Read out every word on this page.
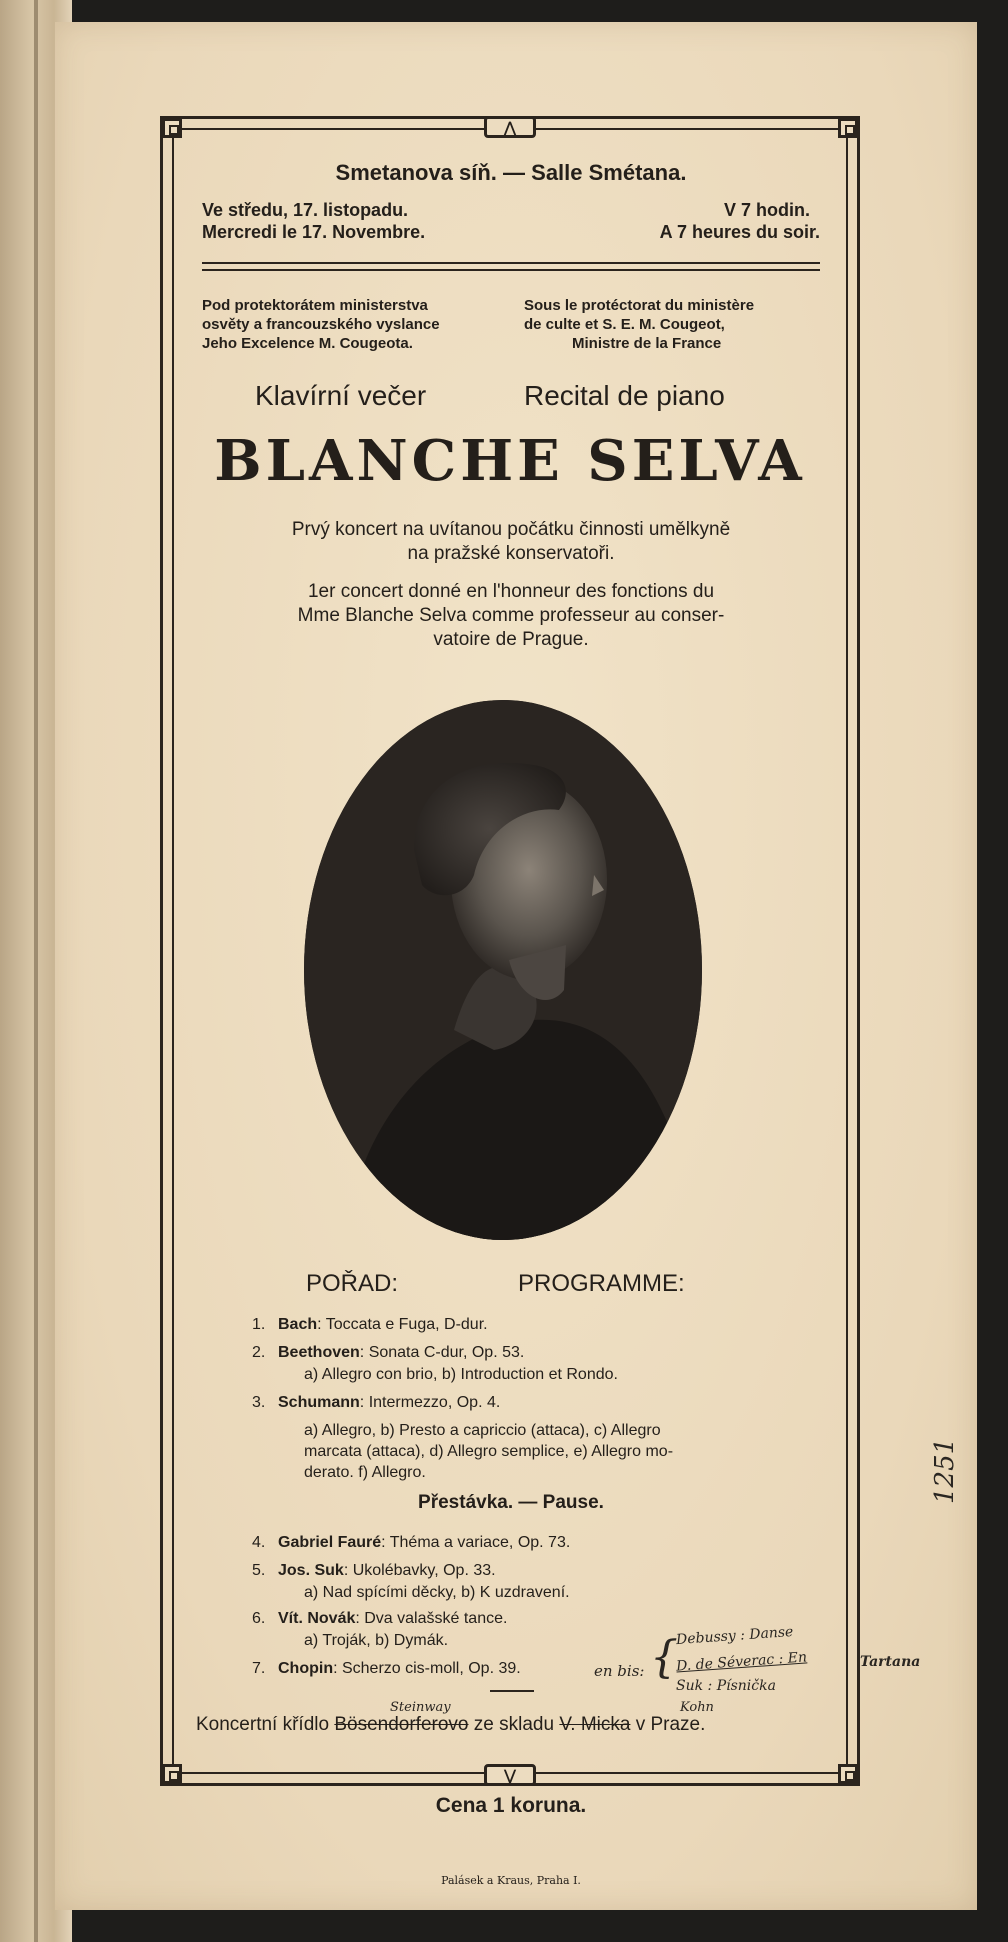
⋀
⋁
Smetanova síň. — Salle Smétana.
Ve středu, 17. listopadu.
Mercredi le 17. Novembre.
V 7 hodin.
A 7 heures du soir.
Pod protektorátem ministerstva
osvěty a francouzského vyslance
Jeho Excelence M. Cougeota.
Sous le protéctorat du ministère
de culte et S. E. M. Cougeot,
Ministre de la France
Klavírní večer	Recital de piano
BLANCHE SELVA
Prvý koncert na uvítanou počátku činnosti umělkyně
na pražské konservatoři.
1er concert donné en l'honneur des fonctions du
Mme Blanche Selva comme professeur au conser-
vatoire de Prague.
POŘAD:	PROGRAMME:
1. Bach: Toccata e Fuga, D-dur.
2. Beethoven: Sonata C-dur, Op. 53.
a) Allegro con brio, b) Introduction et Rondo.
3. Schumann: Intermezzo, Op. 4.
a) Allegro, b) Presto a capriccio (attaca), c) Allegro
marcata (attaca), d) Allegro semplice, e) Allegro mo-
derato. f) Allegro.
Přestávka. — Pause.
4. Gabriel Fauré: Théma a variace, Op. 73.
5. Jos. Suk: Ukolébavky, Op. 33.
a) Nad spícími děcky, b) K uzdravení.
6. Vít. Novák: Dva valašské tance.
a) Troják, b) Dymák.
7. Chopin: Scherzo cis-moll, Op. 39.	en bis: {
Debussy : Danse
D. de Séverac : En
Suk : Písnička
Tartana
Steinway	Kohn
Koncertní křídlo Bösendorferovo ze skladu V. Micka v Praze.
Cena 1 koruna.
Palásek a Kraus, Praha I.
1251
